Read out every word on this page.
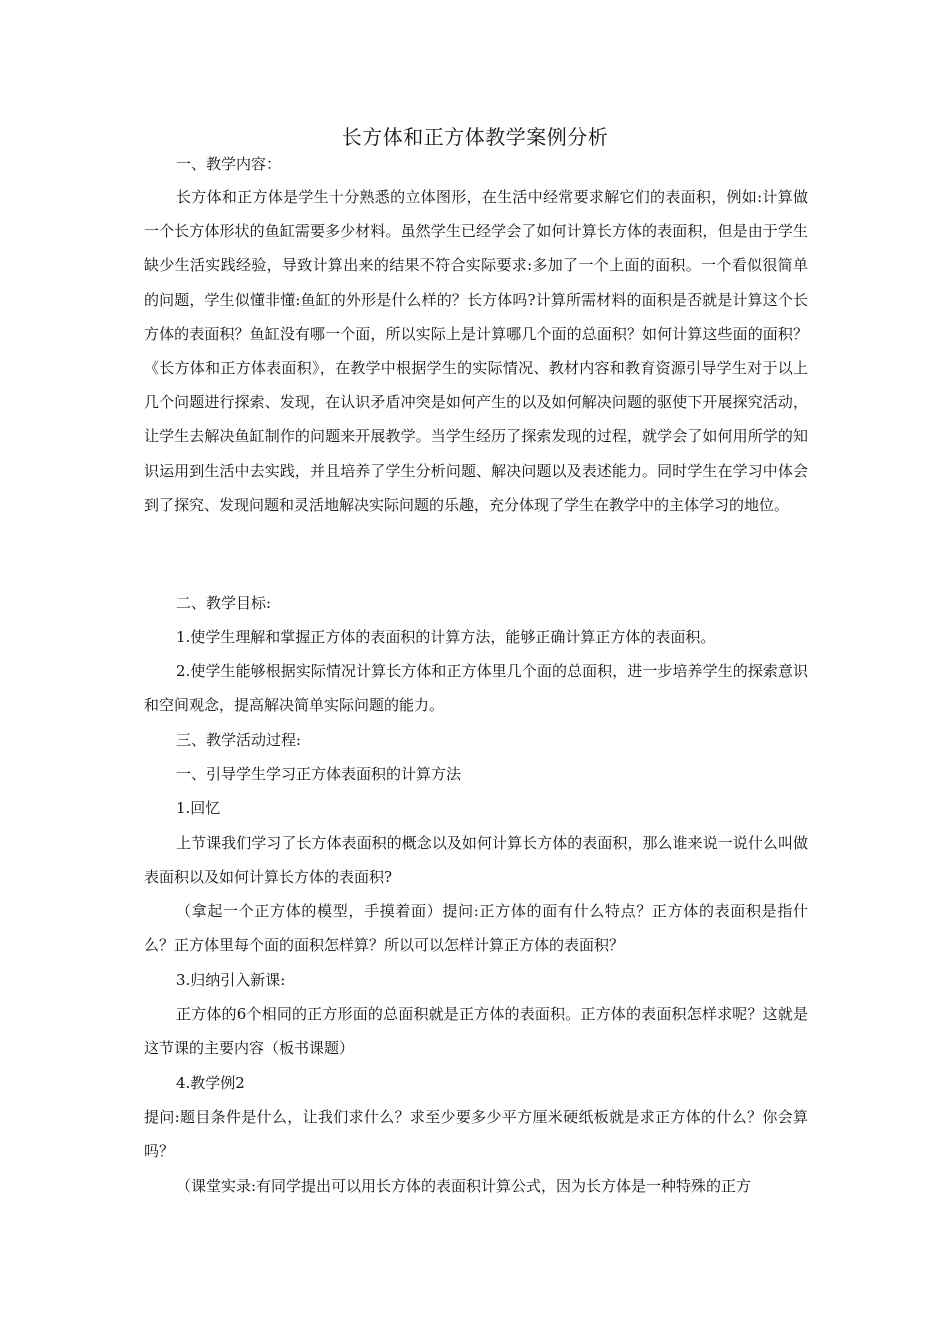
长方体和正方体教学案例分析

一、教学内容：

长方体和正方体是学生十分熟悉的立体图形，在生活中经常要求解它们的表面积，例如:计算做一个长方体形状的鱼缸需要多少材料。虽然学生已经学会了如何计算长方体的表面积，但是由于学生缺少生活实践经验，导致计算出来的结果不符合实际要求:多加了一个上面的面积。一个看似很简单的问题，学生似懂非懂:鱼缸的外形是什么样的？长方体吗?计算所需材料的面积是否就是计算这个长方体的表面积？鱼缸没有哪一个面，所以实际上是计算哪几个面的总面积？如何计算这些面的面积？《长方体和正方体表面积》，在教学中根据学生的实际情况、教材内容和教育资源引导学生对于以上几个问题进行探索、发现，在认识矛盾冲突是如何产生的以及如何解决问题的驱使下开展探究活动，让学生去解决鱼缸制作的问题来开展教学。当学生经历了探索发现的过程，就学会了如何用所学的知识运用到生活中去实践，并且培养了学生分析问题、解决问题以及表述能力。同时学生在学习中体会到了探究、发现问题和灵活地解决实际问题的乐趣，充分体现了学生在教学中的主体学习的地位。

二、教学目标:

1.使学生理解和掌握正方体的表面积的计算方法，能够正确计算正方体的表面积。

2.使学生能够根据实际情况计算长方体和正方体里几个面的总面积，进一步培养学生的探索意识和空间观念，提高解决简单实际问题的能力。

三、教学活动过程:

一、引导学生学习正方体表面积的计算方法

1.回忆

上节课我们学习了长方体表面积的概念以及如何计算长方体的表面积，那么谁来说一说什么叫做表面积以及如何计算长方体的表面积?

（拿起一个正方体的模型，手摸着面）提问:正方体的面有什么特点？正方体的表面积是指什么？正方体里每个面的面积怎样算？所以可以怎样计算正方体的表面积？

3.归纳引入新课:

正方体的6个相同的正方形面的总面积就是正方体的表面积。正方体的表面积怎样求呢？这就是这节课的主要内容（板书课题）

4.教学例2

提问:题目条件是什么，让我们求什么？求至少要多少平方厘米硬纸板就是求正方体的什么？你会算吗？

（课堂实录:有同学提出可以用长方体的表面积计算公式，因为长方体是一种特殊的正方
